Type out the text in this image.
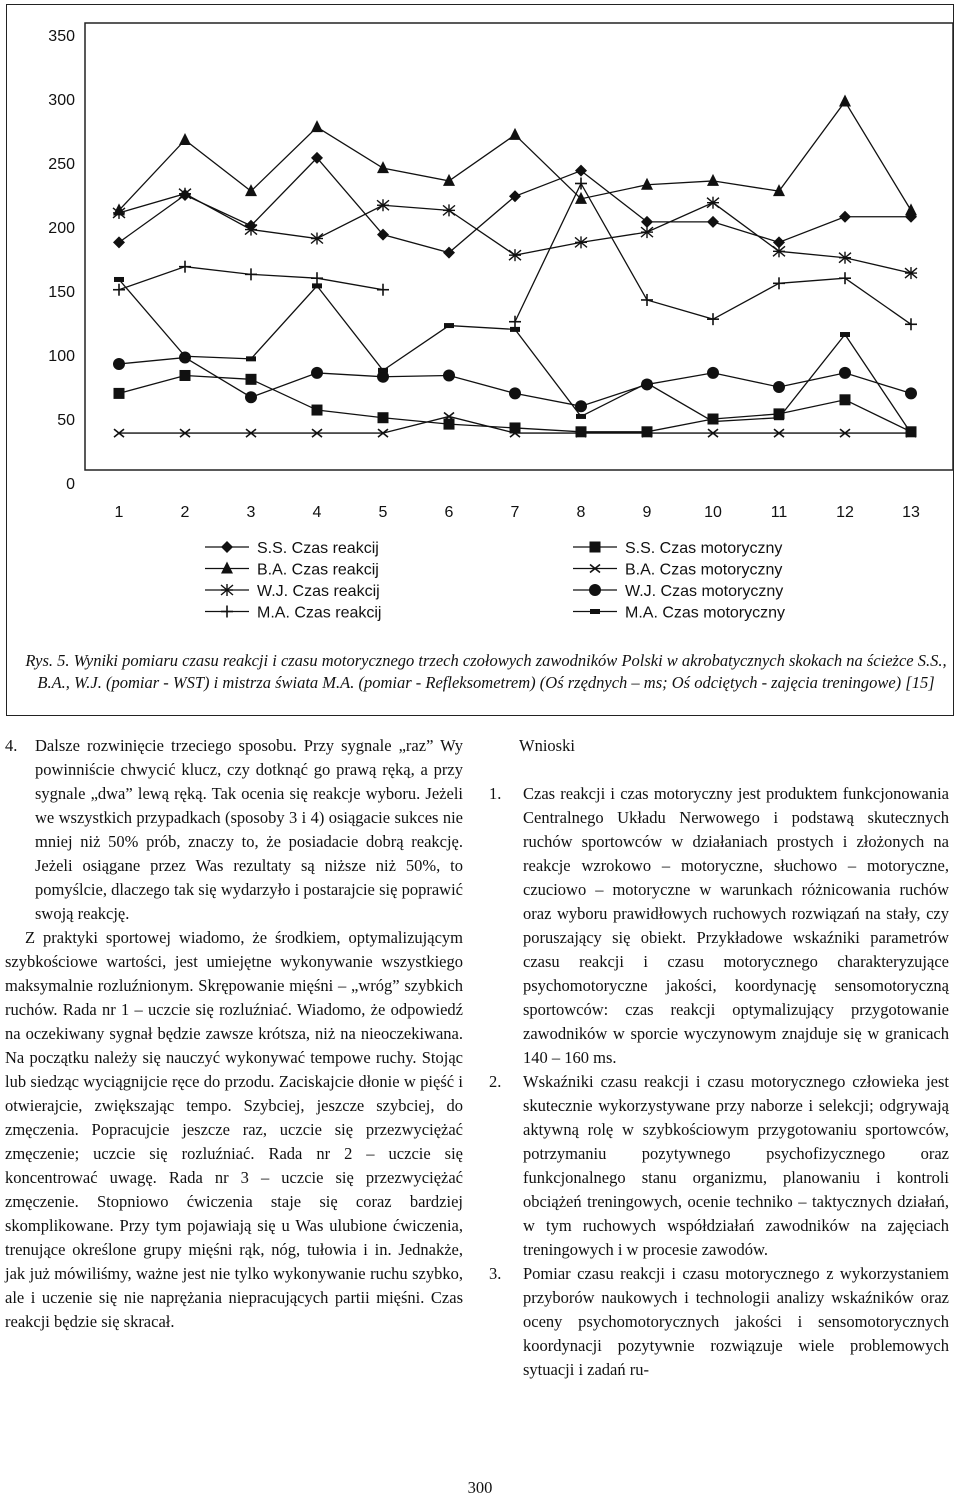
350
300
250
200
150
100
50
0
1	2	3	4	5	6	7	8	9	10	11	12	13
S.S. Czas reakcij
B.A. Czas reakcij
W.J. Czas reakcij
M.A. Czas reakcij
S.S. Czas motoryczny
B.A. Czas motoryczny
W.J. Czas motoryczny
M.A. Czas motoryczny
Rys. 5. Wyniki pomiaru czasu reakcji i czasu motorycznego trzech czołowych zawodników Polski w akrobatycznych skokach na ścieżce S.S., B.A., W.J. (pomiar - WST) i mistrza świata M.A. (pomiar - Refleksometrem) (Oś rzędnych – ms; Oś odciętych - zajęcia treningowe) [15]
4.	Dalsze rozwinięcie trzeciego sposobu. Przy sygnale „raz” Wy powinniście chwycić klucz, czy dotknąć go prawą ręką, a przy sygnale „dwa” lewą ręką. Tak ocenia się reakcje wyboru. Jeżeli we wszystkich przypadkach (sposoby 3 i 4) osiągacie sukces nie mniej niż 50% prób, znaczy to, że posiadacie dobrą reakcję. Jeżeli osiągane przez Was rezultaty są niższe niż 50%, to pomyślcie, dlaczego tak się wydarzyło i postarajcie się poprawić swoją reakcję.
Z praktyki sportowej wiadomo, że środkiem, optymalizującym szybkościowe wartości, jest umiejętne wykonywanie wszystkiego maksymalnie rozluźnionym. Skrępowanie mięśni – „wróg” szybkich ruchów. Rada nr 1 – uczcie się rozluźniać. Wiadomo, że odpowiedź na oczekiwany sygnał będzie zawsze krótsza, niż na nieoczekiwana. Na początku należy się nauczyć wykonywać tempowe ruchy. Stojąc lub siedząc wyciągnijcie ręce do przodu. Zaciskajcie dłonie w pięść i otwierajcie, zwiększając tempo. Szybciej, jeszcze szybciej, do zmęczenia. Popracujcie jeszcze raz, uczcie się przezwyciężać zmęczenie; uczcie się rozluźniać. Rada nr 2 – uczcie się koncentrować uwagę. Rada nr 3 – uczcie się przezwyciężać zmęczenie. Stopniowo ćwiczenia staje się coraz bardziej skomplikowane. Przy tym pojawiają się u Was ulubione ćwiczenia, trenujące określone grupy mięśni rąk, nóg, tułowia i in. Jednakże, jak już mówiliśmy, ważne jest nie tylko wykonywanie ruchu szybko, ale i uczenie się nie naprężania niepracujących partii mięśni. Czas reakcji będzie się skracał.
Wnioski
1.	Czas reakcji i czas motoryczny jest produktem funkcjonowania Centralnego Układu Nerwowego i podstawą skutecznych ruchów sportowców w działaniach prostych i złożonych na reakcje wzrokowo – motoryczne, słuchowo – motoryczne, czuciowo – motoryczne w warunkach różnicowania ruchów oraz wyboru prawidłowych ruchowych rozwiązań na stały, czy poruszający się obiekt. Przykładowe wskaźniki parametrów czasu reakcji i czasu motorycznego charakteryzujące psychomotoryczne jakości, koordynację sensomotoryczną sportowców: czas reakcji optymalizujący przygotowanie zawodników w sporcie wyczynowym znajduje się w granicach 140 – 160 ms.
2.	Wskaźniki czasu reakcji i czasu motorycznego człowieka jest skutecznie wykorzystywane przy naborze i selekcji; odgrywają aktywną rolę w szybkościowym przygotowaniu sportowców, potrzymaniu pozytywnego psychofizycznego oraz funkcjonalnego stanu organizmu, planowaniu i kontroli obciążeń treningowych, ocenie techniko – taktycznych działań, w tym ruchowych współdziałań zawodników na zajęciach treningowych i w procesie zawodów.
3.	Pomiar czasu reakcji i czasu motorycznego z wykorzystaniem przyborów naukowych i technologii analizy wskaźników oraz oceny psychomotorycznych jakości i sensomotorycznych koordynacji pozytywnie rozwiązuje wiele problemowych sytuacji i zadań ru-
300
